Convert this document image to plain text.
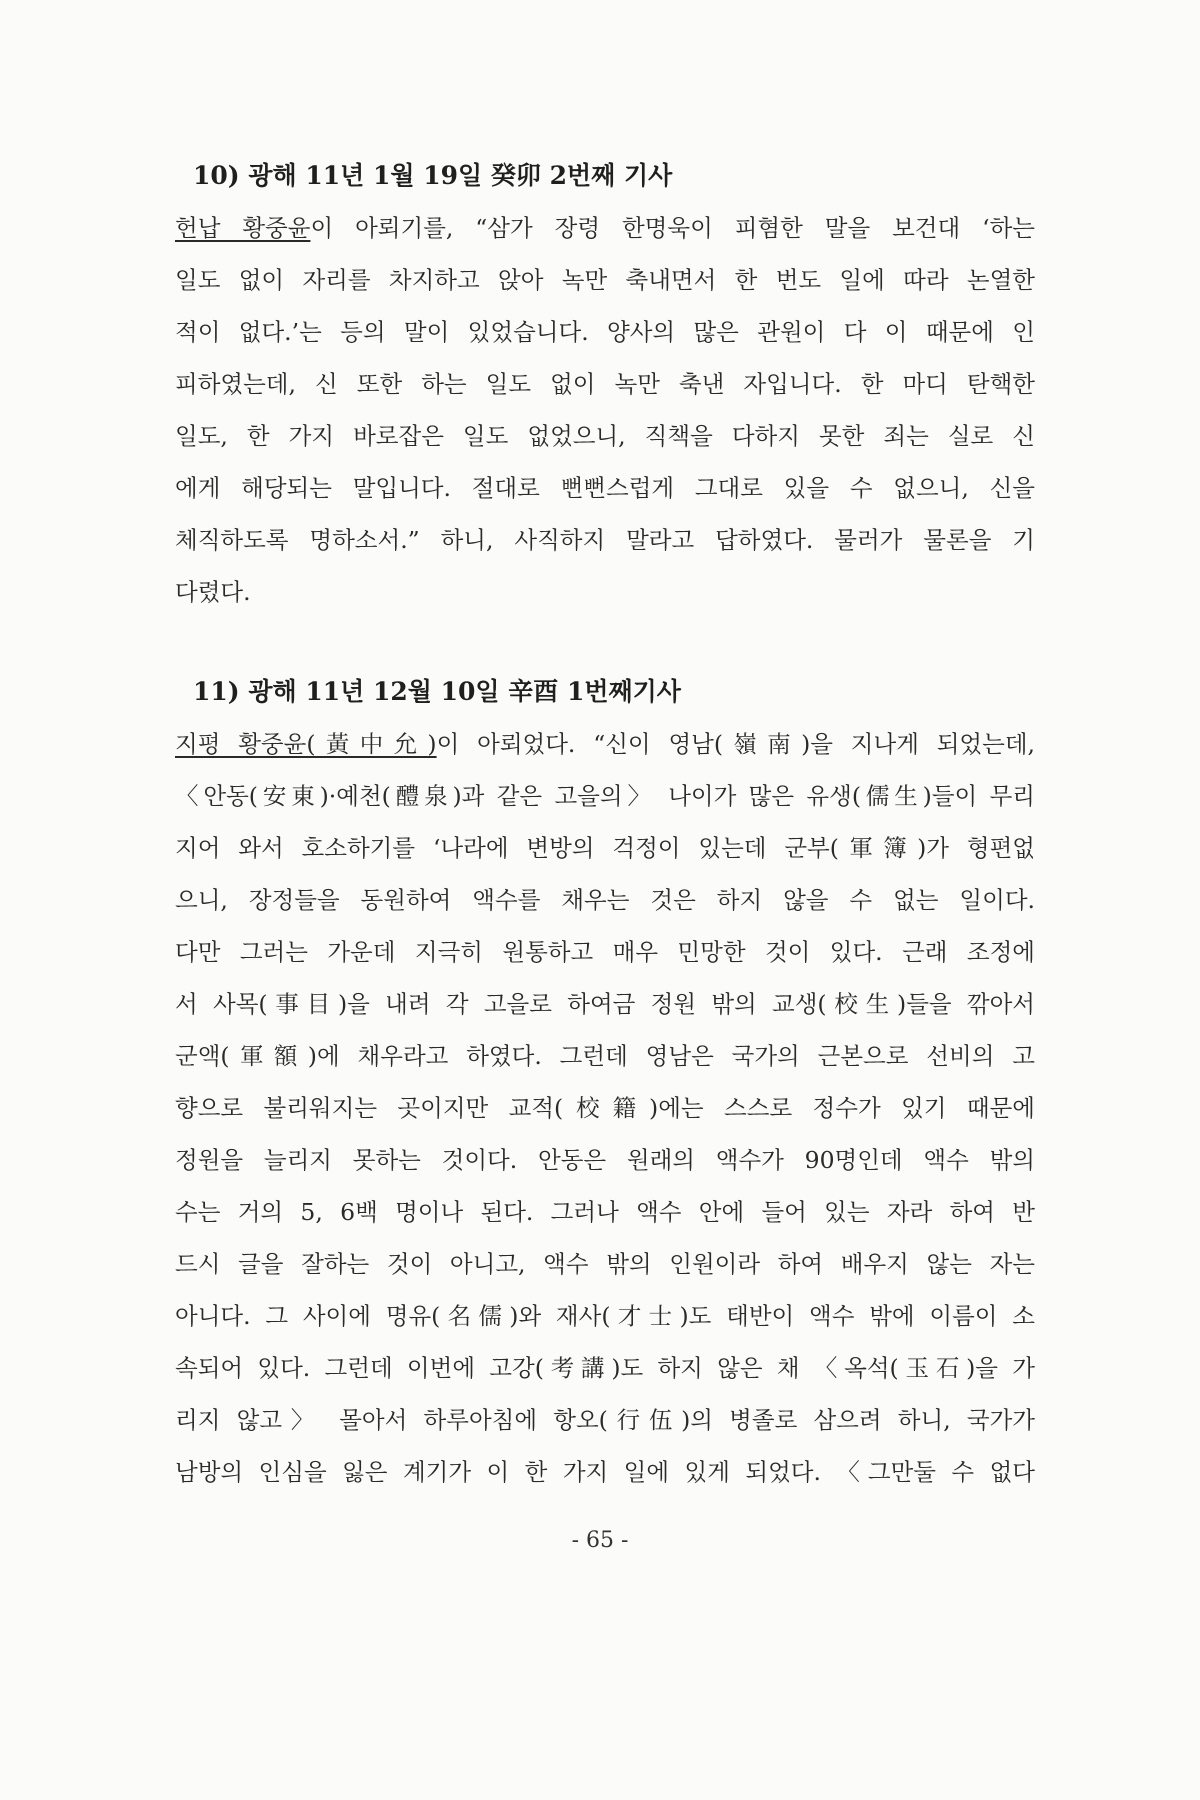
10) 광해 11년 1월 19일 癸卯 2번째 기사
헌납 황중윤이 아뢰기를, “삼가 장령 한명욱이 피혐한 말을 보건대 ‘하는
일도 없이 자리를 차지하고 앉아 녹만 축내면서 한 번도 일에 따라 논열한
적이 없다.’는 등의 말이 있었습니다. 양사의 많은 관원이 다 이 때문에 인
피하였는데, 신 또한 하는 일도 없이 녹만 축낸 자입니다. 한 마디 탄핵한
일도, 한 가지 바로잡은 일도 없었으니, 직책을 다하지 못한 죄는 실로 신
에게 해당되는 말입니다. 절대로 뻔뻔스럽게 그대로 있을 수 없으니, 신을
체직하도록 명하소서.” 하니, 사직하지 말라고 답하였다. 물러가 물론을 기
다렸다.
11) 광해 11년 12월 10일 辛酉 1번째기사
지평 황중윤(黃中允)이 아뢰었다. “신이 영남(嶺南)을 지나게 되었는데,
〈안동(安東)·예천(醴泉)과 같은 고을의〉 나이가 많은 유생(儒生)들이 무리
지어 와서 호소하기를 ‘나라에 변방의 걱정이 있는데 군부(軍簿)가 형편없
으니, 장정들을 동원하여 액수를 채우는 것은 하지 않을 수 없는 일이다.
다만 그러는 가운데 지극히 원통하고 매우 민망한 것이 있다. 근래 조정에
서 사목(事目)을 내려 각 고을로 하여금 정원 밖의 교생(校生)들을 깎아서
군액(軍額)에 채우라고 하였다. 그런데 영남은 국가의 근본으로 선비의 고
향으로 불리워지는 곳이지만 교적(校籍)에는 스스로 정수가 있기 때문에
정원을 늘리지 못하는 것이다. 안동은 원래의 액수가 90명인데 액수 밖의
수는 거의 5, 6백 명이나 된다. 그러나 액수 안에 들어 있는 자라 하여 반
드시 글을 잘하는 것이 아니고, 액수 밖의 인원이라 하여 배우지 않는 자는
아니다. 그 사이에 명유(名儒)와 재사(才士)도 태반이 액수 밖에 이름이 소
속되어 있다. 그런데 이번에 고강(考講)도 하지 않은 채 〈옥석(玉石)을 가
리지 않고〉 몰아서 하루아침에 항오(行伍)의 병졸로 삼으려 하니, 국가가
남방의 인심을 잃은 계기가 이 한 가지 일에 있게 되었다. 〈그만둘 수 없다
- 65 -
